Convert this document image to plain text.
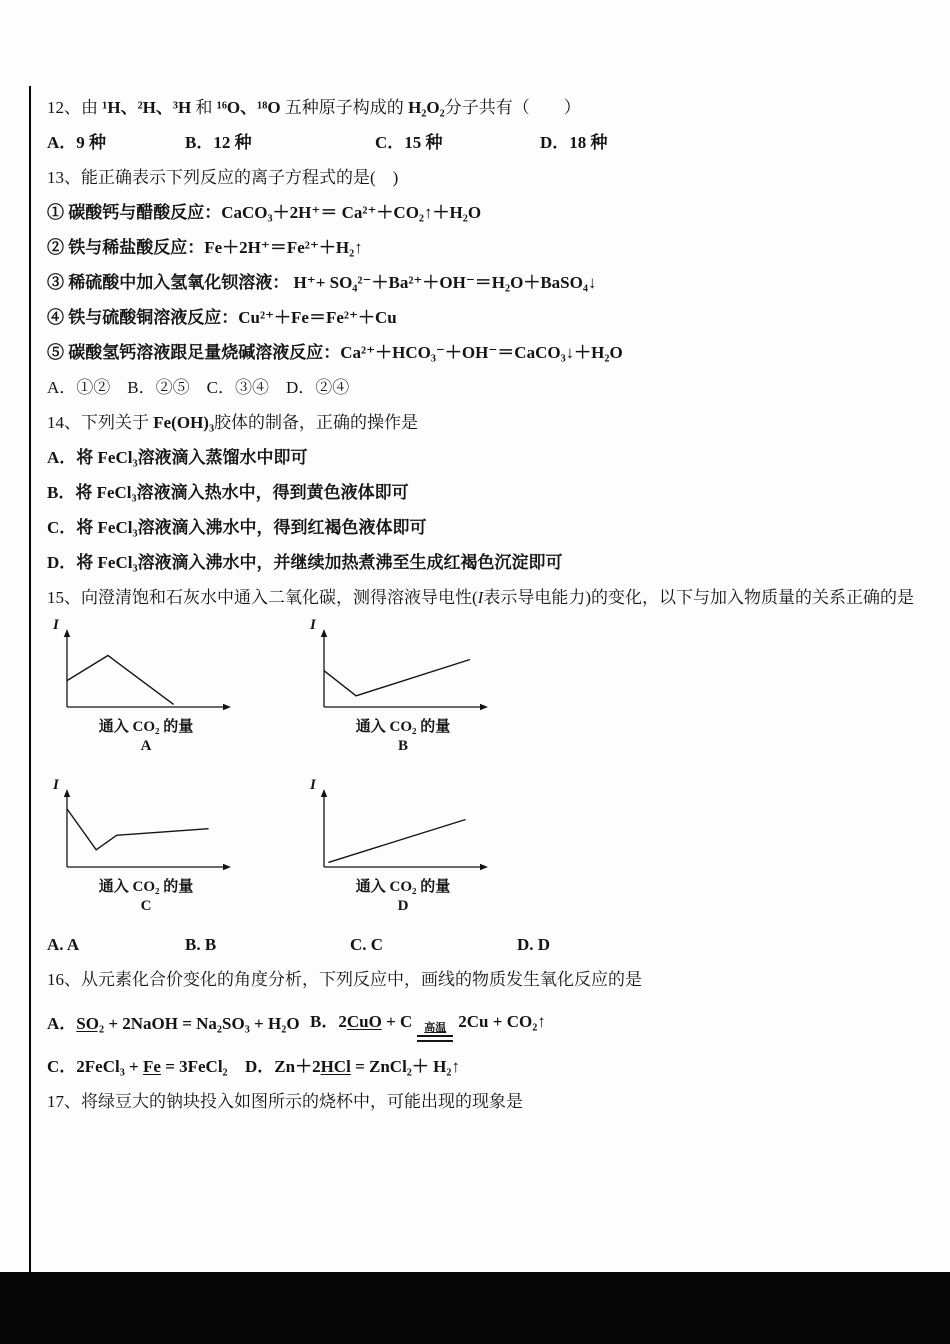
12、由 ¹H、²H、³H 和 ¹⁶O、¹⁸O 五种原子构成的 H₂O₂分子共有（　　）
A．9 种	B．12 种	C．15 种	D．18 种
13、能正确表示下列反应的离子方程式的是(　)
① 碳酸钙与醋酸反应：CaCO₃＋2H⁺＝ Ca²⁺＋CO₂↑＋H₂O
② 铁与稀盐酸反应：Fe＋2H⁺＝Fe²⁺＋H₂↑
③ 稀硫酸中加入氢氧化钡溶液： H⁺+ SO₄²⁻＋Ba²⁺＋OH⁻＝H₂O＋BaSO₄↓
④ 铁与硫酸铜溶液反应：Cu²⁺＋Fe＝Fe²⁺＋Cu
⑤ 碳酸氢钙溶液跟足量烧碱溶液反应：Ca²⁺＋HCO₃⁻＋OH⁻＝CaCO₃↓＋H₂O
A．①②　B．②⑤　C．③④　D．②④
14、下列关于 Fe(OH)₃胶体的制备，正确的操作是
A．将 FeCl₃溶液滴入蒸馏水中即可
B．将 FeCl₃溶液滴入热水中，得到黄色液体即可
C．将 FeCl₃溶液滴入沸水中，得到红褐色液体即可
D．将 FeCl₃溶液滴入沸水中，并继续加热煮沸至生成红褐色沉淀即可
15、向澄清饱和石灰水中通入二氧化碳，测得溶液导电性(I表示导电能力)的变化，以下与加入物质量的关系正确的是
I
通入 CO₂ 的量
A
I
通入 CO₂ 的量
B
I
通入 CO₂ 的量
C
I
通入 CO₂ 的量
D
A. A	B. B	C. C	D. D
16、从元素化合价变化的角度分析，下列反应中，画线的物质发生氧化反应的是
A．SO₂ + 2NaOH = Na₂SO₃ + H₂O B．2CuO + C 高温 2Cu + CO₂↑
C．2FeCl₃ + Fe = 3FeCl₂	D．Zn＋2HCl = ZnCl₂＋ H₂↑
17、将绿豆大的钠块投入如图所示的烧杯中，可能出现的现象是
